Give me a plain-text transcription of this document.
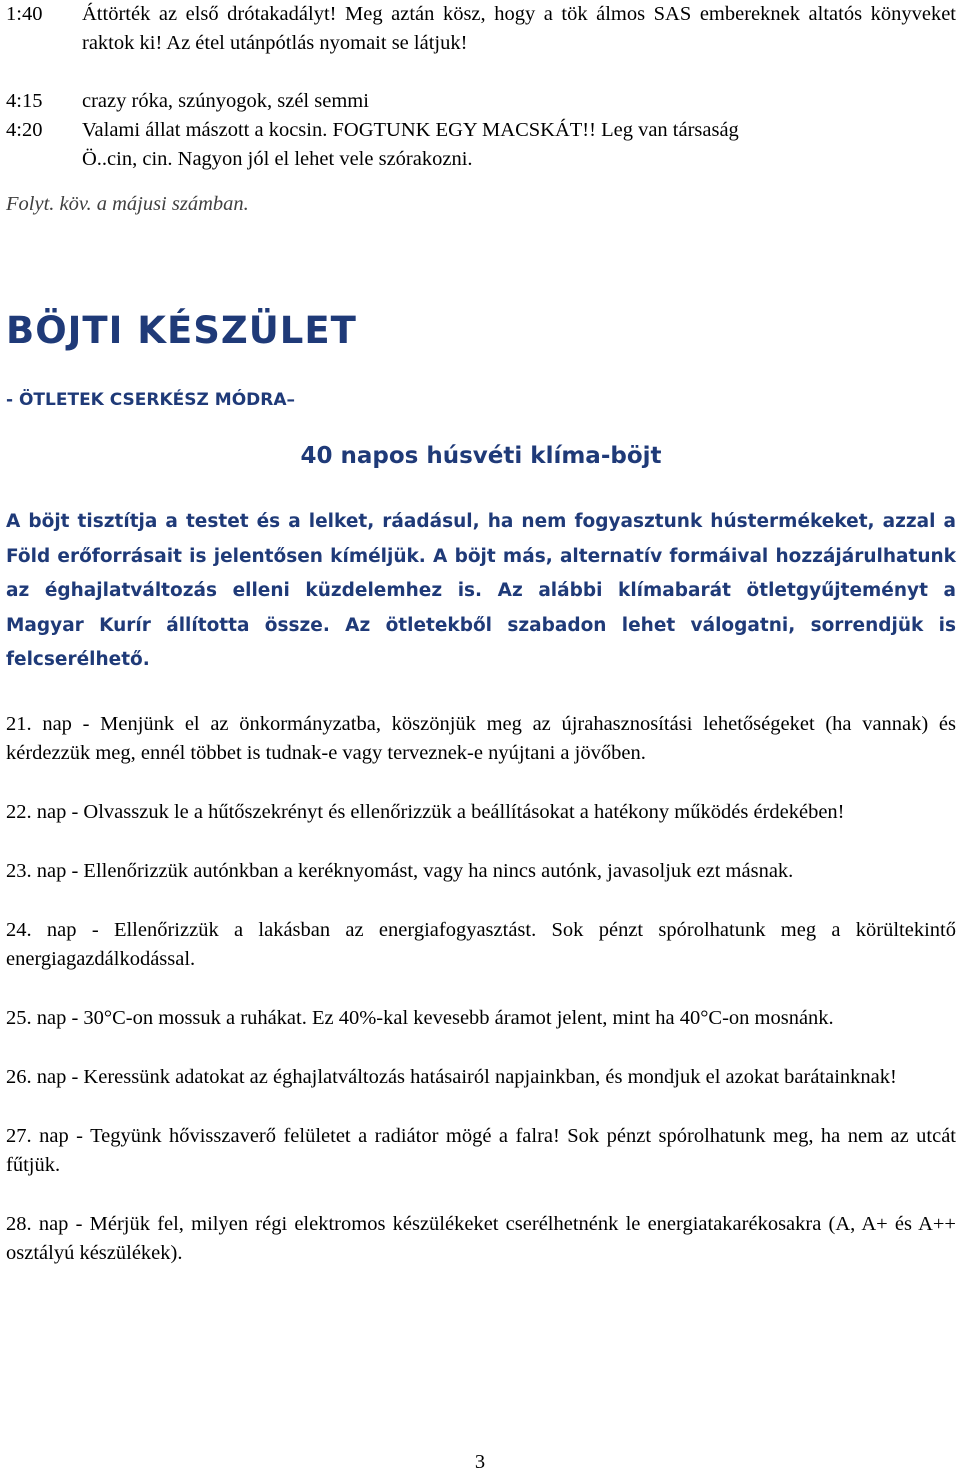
1:40	Áttörték az első drótakadályt! Meg aztán kösz, hogy a tök álmos SAS embereknek altatós könyveket raktok ki! Az étel utánpótlás nyomait se látjuk!
4:15	crazy róka, szúnyogok, szél semmi
4:20	Valami állat mászott a kocsin. FOGTUNK EGY MACSKÁT!! Leg van társaság
Ö..cin, cin. Nagyon jól el lehet vele szórakozni.
Folyt. köv. a májusi számban.
BÖJTI KÉSZÜLET
- ÖTLETEK CSERKÉSZ MÓDRA–
40 napos húsvéti klíma-böjt
A böjt tisztítja a testet és a lelket, ráadásul, ha nem fogyasztunk hústermékeket, azzal a Föld erőforrásait is jelentősen kíméljük. A böjt más, alternatív formáival hozzájárulhatunk az éghajlatváltozás elleni küzdelemhez is. Az alábbi klímabarát ötletgyűjteményt a Magyar Kurír állította össze. Az ötletekből szabadon lehet válogatni, sorrendjük is felcserélhető.
21. nap - Menjünk el az önkormányzatba, köszönjük meg az újrahasznosítási lehetőségeket (ha vannak) és kérdezzük meg, ennél többet is tudnak-e vagy terveznek-e nyújtani a jövőben.
22. nap - Olvasszuk le a hűtőszekrényt és ellenőrizzük a beállításokat a hatékony működés érdekében!
23. nap - Ellenőrizzük autónkban a keréknyomást, vagy ha nincs autónk, javasoljuk ezt másnak.
24. nap - Ellenőrizzük a lakásban az energiafogyasztást. Sok pénzt spórolhatunk meg a körültekintő energiagazdálkodással.
25. nap - 30°C-on mossuk a ruhákat. Ez 40%-kal kevesebb áramot jelent, mint ha 40°C-on mosnánk.
26. nap - Keressünk adatokat az éghajlatváltozás hatásairól napjainkban, és mondjuk el azokat barátainknak!
27. nap - Tegyünk hővisszaverő felületet a radiátor mögé a falra! Sok pénzt spórolhatunk meg, ha nem az utcát fűtjük.
28. nap - Mérjük fel, milyen régi elektromos készülékeket cserélhetnénk le energiatakarékosakra (A, A+ és A++ osztályú készülékek).
3
